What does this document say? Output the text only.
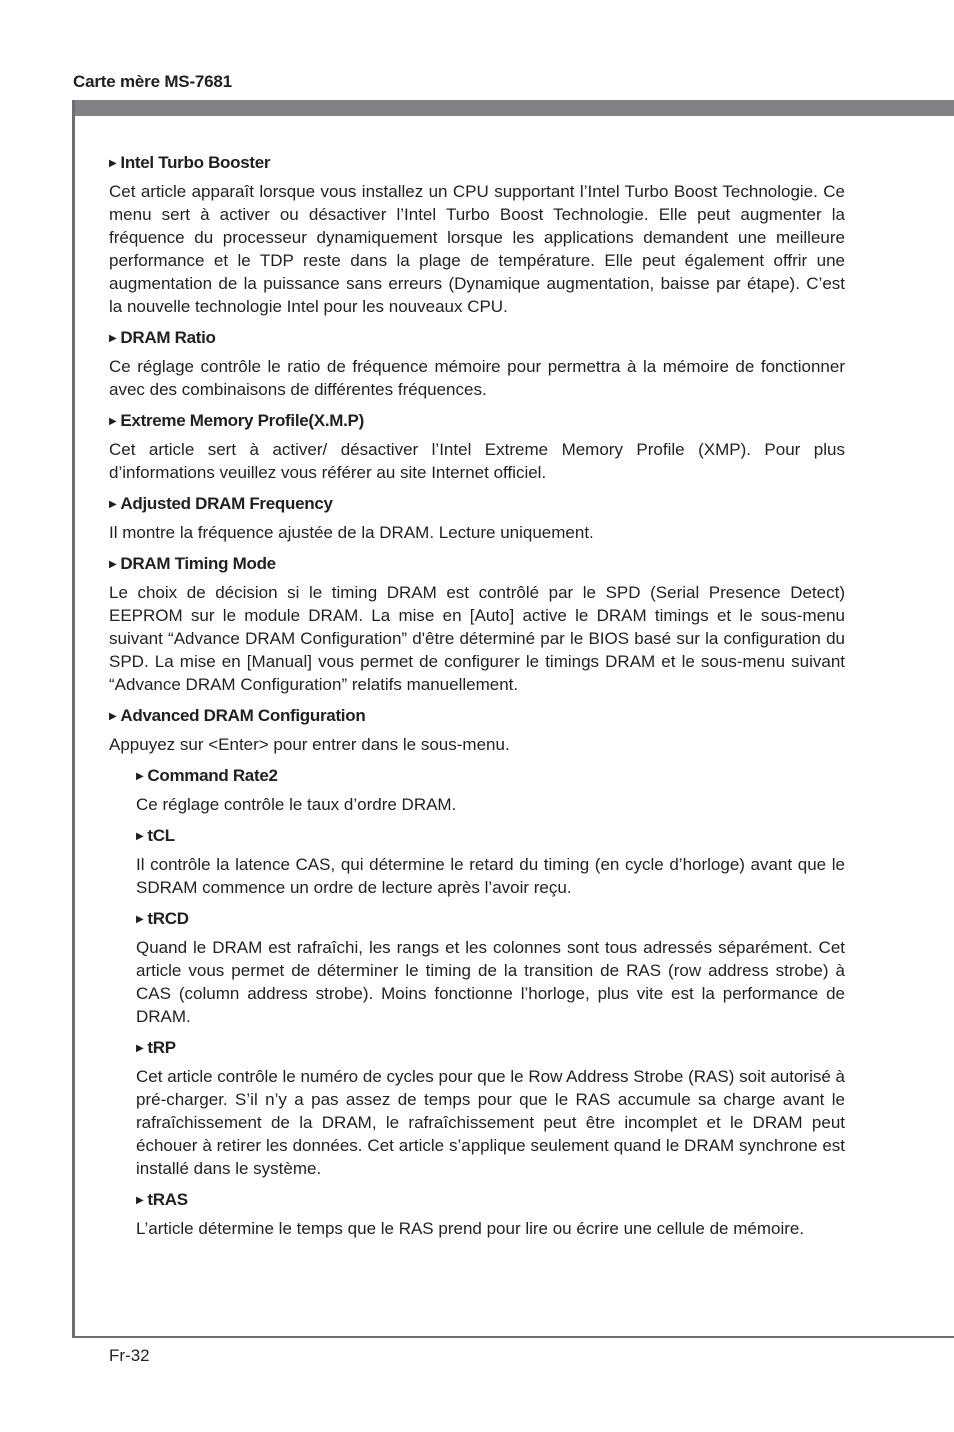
Carte mère MS-7681
▶ Intel Turbo Booster
Cet article apparaît lorsque vous installez un CPU supportant l’Intel Turbo Boost Technologie. Ce menu sert à activer ou désactiver l’Intel Turbo Boost Technologie. Elle peut augmenter la fréquence du processeur dynamiquement lorsque les applications demandent une meilleure performance et le TDP reste dans la plage de température. Elle peut également offrir une augmentation de la puissance sans erreurs (Dynamique augmentation, baisse par étape). C’est la nouvelle technologie Intel pour les nouveaux CPU.
▶ DRAM Ratio
Ce réglage contrôle le ratio de fréquence mémoire pour permettra à la mémoire de fonctionner avec des combinaisons de différentes fréquences.
▶ Extreme Memory Profile(X.M.P)
Cet article sert à activer/ désactiver l’Intel Extreme Memory Profile (XMP). Pour plus d’informations veuillez vous référer au site Internet officiel.
▶ Adjusted DRAM Frequency
Il montre la fréquence ajustée de la DRAM. Lecture uniquement.
▶ DRAM Timing Mode
Le choix de décision si le timing DRAM est contrôlé par le SPD (Serial Presence Detect) EEPROM sur le module DRAM. La mise en [Auto] active le DRAM timings et le sous-menu suivant “Advance DRAM Configuration” d'être déterminé par le BIOS basé sur la configuration du SPD. La mise en [Manual] vous permet de configurer le timings DRAM et le sous-menu suivant “Advance DRAM Configuration” relatifs manuellement.
▶ Advanced DRAM Configuration
Appuyez sur <Enter> pour entrer dans le sous-menu.
▶ Command Rate2
Ce réglage contrôle le taux d’ordre DRAM.
▶ tCL
Il contrôle la latence CAS, qui détermine le retard du timing (en cycle d’horloge) avant que le SDRAM commence un ordre de lecture après l’avoir reçu.
▶ tRCD
Quand le DRAM est rafraîchi, les rangs et les colonnes sont tous adressés séparément. Cet article vous permet de déterminer le timing de la transition de RAS (row address strobe) à CAS (column address strobe). Moins fonctionne l’horloge, plus vite est la performance de DRAM.
▶ tRP
Cet article contrôle le numéro de cycles pour que le Row Address Strobe (RAS) soit autorisé à pré-charger. S’il n’y a pas assez de temps pour que le RAS accumule sa charge avant le rafraîchissement de la DRAM, le rafraîchissement peut être incomplet et le DRAM peut échouer à retirer les données. Cet article s’applique seulement quand le DRAM synchrone est installé dans le système.
▶ tRAS
L’article détermine le temps que le RAS prend pour lire ou écrire une cellule de mémoire.
Fr-32
